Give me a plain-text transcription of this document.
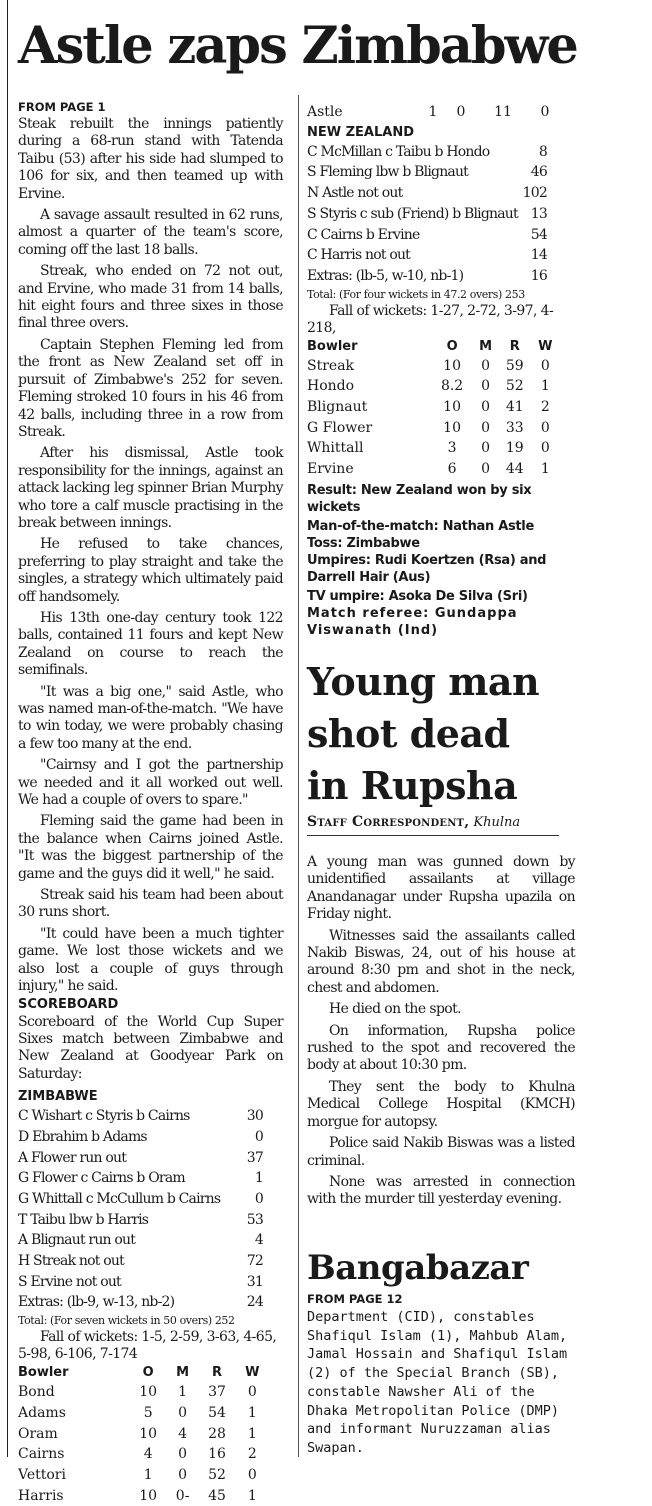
Astle zaps Zimbabwe

FROM PAGE 1

Steak rebuilt the innings patiently during a 68-run stand with Tatenda Taibu (53) after his side had slumped to 106 for six, and then teamed up with Ervine.

A savage assault resulted in 62 runs, almost a quarter of the team's score, coming off the last 18 balls.

Streak, who ended on 72 not out, and Ervine, who made 31 from 14 balls, hit eight fours and three sixes in those final three overs.

Captain Stephen Fleming led from the front as New Zealand set off in pursuit of Zimbabwe's 252 for seven. Fleming stroked 10 fours in his 46 from 42 balls, including three in a row from Streak.

After his dismissal, Astle took responsibility for the innings, against an attack lacking leg spinner Brian Murphy who tore a calf muscle practising in the break between innings.

He refused to take chances, preferring to play straight and take the singles, a strategy which ultimately paid off handsomely.

His 13th one-day century took 122 balls, contained 11 fours and kept New Zealand on course to reach the semifinals.

"It was a big one," said Astle, who was named man-of-the-match. "We have to win today, we were probably chasing a few too many at the end.

"Cairnsy and I got the partnership we needed and it all worked out well. We had a couple of overs to spare."

Fleming said the game had been in the balance when Cairns joined Astle. "It was the biggest partnership of the game and the guys did it well," he said.

Streak said his team had been about 30 runs short.

"It could have been a much tighter game. We lost those wickets and we also lost a couple of guys through injury," he said.

SCOREBOARD

Scoreboard of the World Cup Super Sixes match between Zimbabwe and New Zealand at Goodyear Park on Saturday:

ZIMBABWE

C Wishart c Styris b Cairns	30
D Ebrahim b Adams	0
A Flower run out	37
G Flower c Cairns b Oram	1
G Whittall c McCullum b Cairns	0
T Taibu lbw b Harris	53
A Blignaut run out	4
H Streak not out	72
S Ervine not out	31
Extras: (lb-9, w-13, nb-2)	24

Total: (For seven wickets in 50 overs) 252

Fall of wickets: 1-5, 2-59, 3-63, 4-65, 5-98, 6-106, 7-174

Bowler	O	M	R	W
Bond	10	1	37	0
Adams	5	0	54	1
Oram	10	4	28	1
Cairns	4	0	16	2
Vettori	1	0	52	0
Harris	10	0-	45	1
Astle	1	0	11	0

NEW ZEALAND

C McMillan c Taibu b Hondo	8
S Fleming lbw b Blignaut	46
N Astle not out	102
S Styris c sub (Friend) b Blignaut	13
C Cairns b Ervine	54
C Harris not out	14
Extras: (lb-5, w-10, nb-1)	16

Total: (For four wickets in 47.2 overs) 253

Fall of wickets: 1-27, 2-72, 3-97, 4-218,

Bowler	O	M	R	W
Streak	10	0	59	0
Hondo	8.2	0	52	1
Blignaut	10	0	41	2
G Flower	10	0	33	0
Whittall	3	0	19	0
Ervine	6	0	44	1

Result: New Zealand won by six wickets

Man-of-the-match: Nathan Astle

Toss: Zimbabwe

Umpires: Rudi Koertzen (Rsa) and Darrell Hair (Aus)

TV umpire: Asoka De Silva (Sri)

Match referee: Gundappa Viswanath (Ind)

Young man
shot dead
in Rupsha

Staff Correspondent, Khulna

A young man was gunned down by unidentified assailants at village Anandanagar under Rupsha upazila on Friday night.

Witnesses said the assailants called Nakib Biswas, 24, out of his house at around 8:30 pm and shot in the neck, chest and abdomen.

He died on the spot.

On information, Rupsha police rushed to the spot and recovered the body at about 10:30 pm.

They sent the body to Khulna Medical College Hospital (KMCH) morgue for autopsy.

Police said Nakib Biswas was a listed criminal.

None was arrested in connection with the murder till yesterday evening.

Bangabazar

FROM PAGE 12

Department (CID), constables Shafiqul Islam (1), Mahbub Alam, Jamal Hossain and Shafiqul Islam (2) of the Special Branch (SB), constable Nawsher Ali of the Dhaka Metropolitan Police (DMP) and informant Nuruzzaman alias Swapan.
